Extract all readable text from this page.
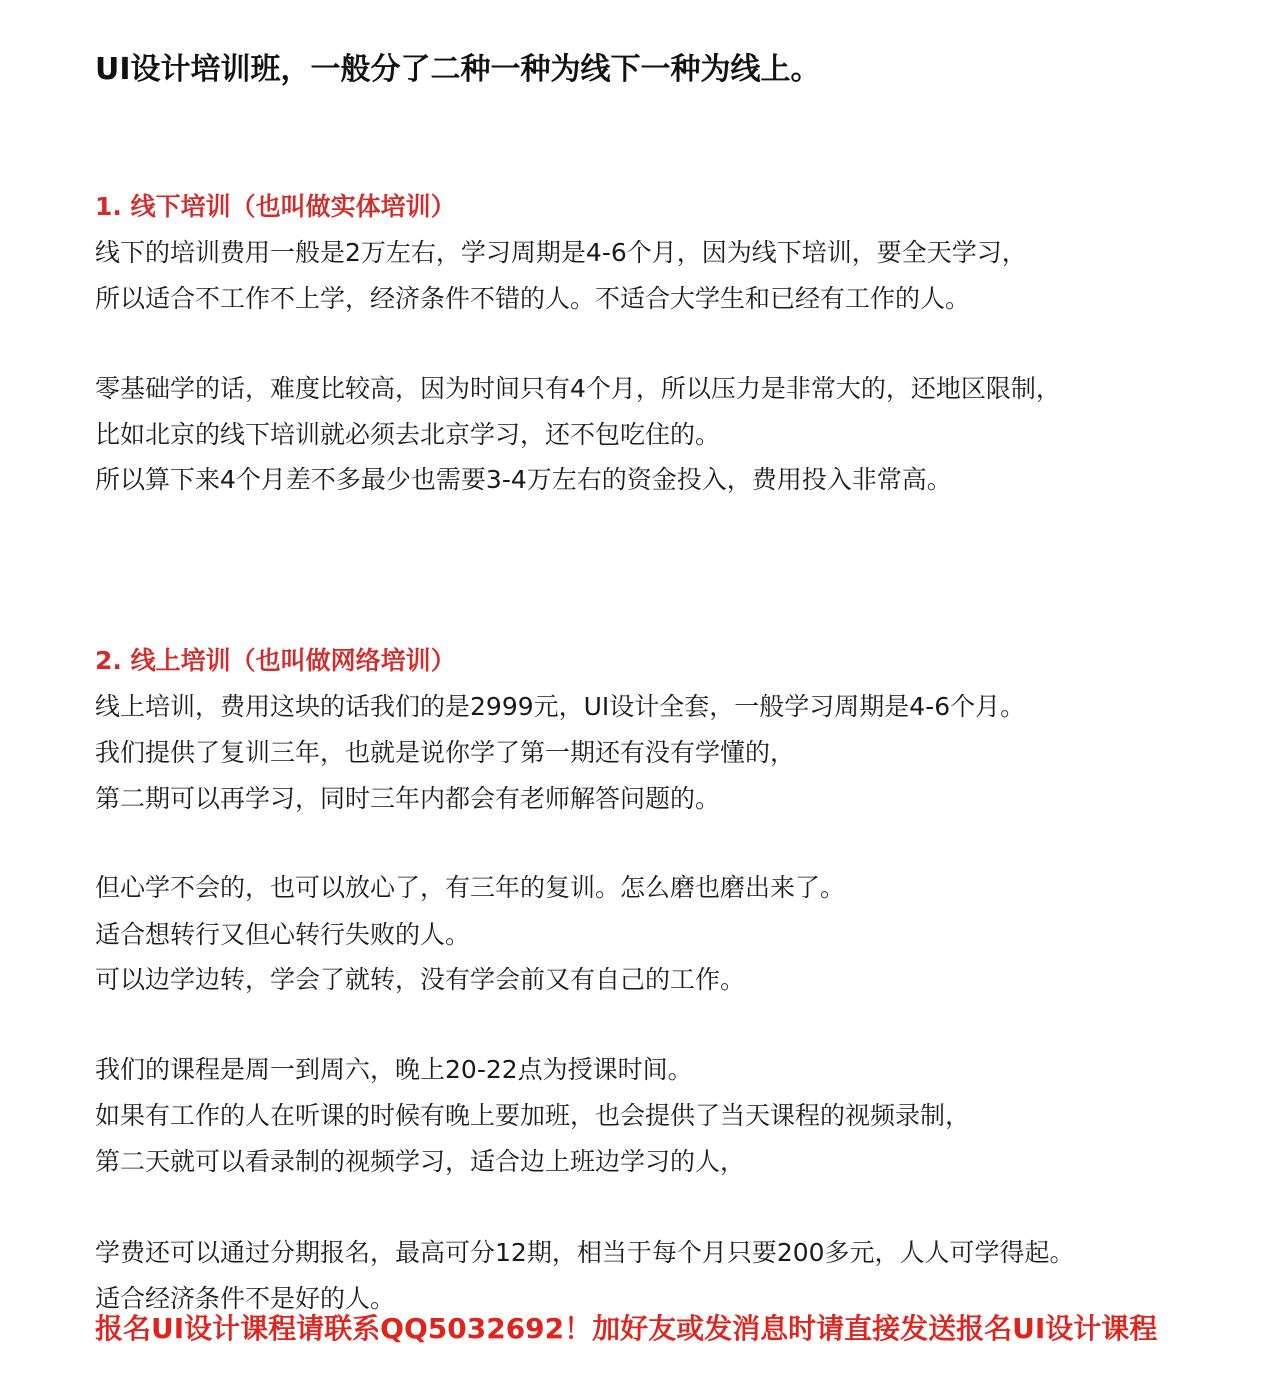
UI设计培训班，一般分了二种一种为线下一种为线上。
1. 线下培训（也叫做实体培训）
线下的培训费用一般是2万左右，学习周期是4-6个月，因为线下培训，要全天学习，
所以适合不工作不上学，经济条件不错的人。不适合大学生和已经有工作的人。
零基础学的话，难度比较高，因为时间只有4个月，所以压力是非常大的，还地区限制，
比如北京的线下培训就必须去北京学习，还不包吃住的。
所以算下来4个月差不多最少也需要3-4万左右的资金投入，费用投入非常高。
2. 线上培训（也叫做网络培训）
线上培训，费用这块的话我们的是2999元，UI设计全套，一般学习周期是4-6个月。
我们提供了复训三年，也就是说你学了第一期还有没有学懂的，
第二期可以再学习，同时三年内都会有老师解答问题的。
但心学不会的，也可以放心了，有三年的复训。怎么磨也磨出来了。
适合想转行又但心转行失败的人。
可以边学边转，学会了就转，没有学会前又有自己的工作。
我们的课程是周一到周六，晚上20-22点为授课时间。
如果有工作的人在听课的时候有晚上要加班，也会提供了当天课程的视频录制，
第二天就可以看录制的视频学习，适合边上班边学习的人，
学费还可以通过分期报名，最高可分12期，相当于每个月只要200多元，人人可学得起。
适合经济条件不是好的人。
报名UI设计课程请联系QQ5032692！加好友或发消息时请直接发送报名UI设计课程
